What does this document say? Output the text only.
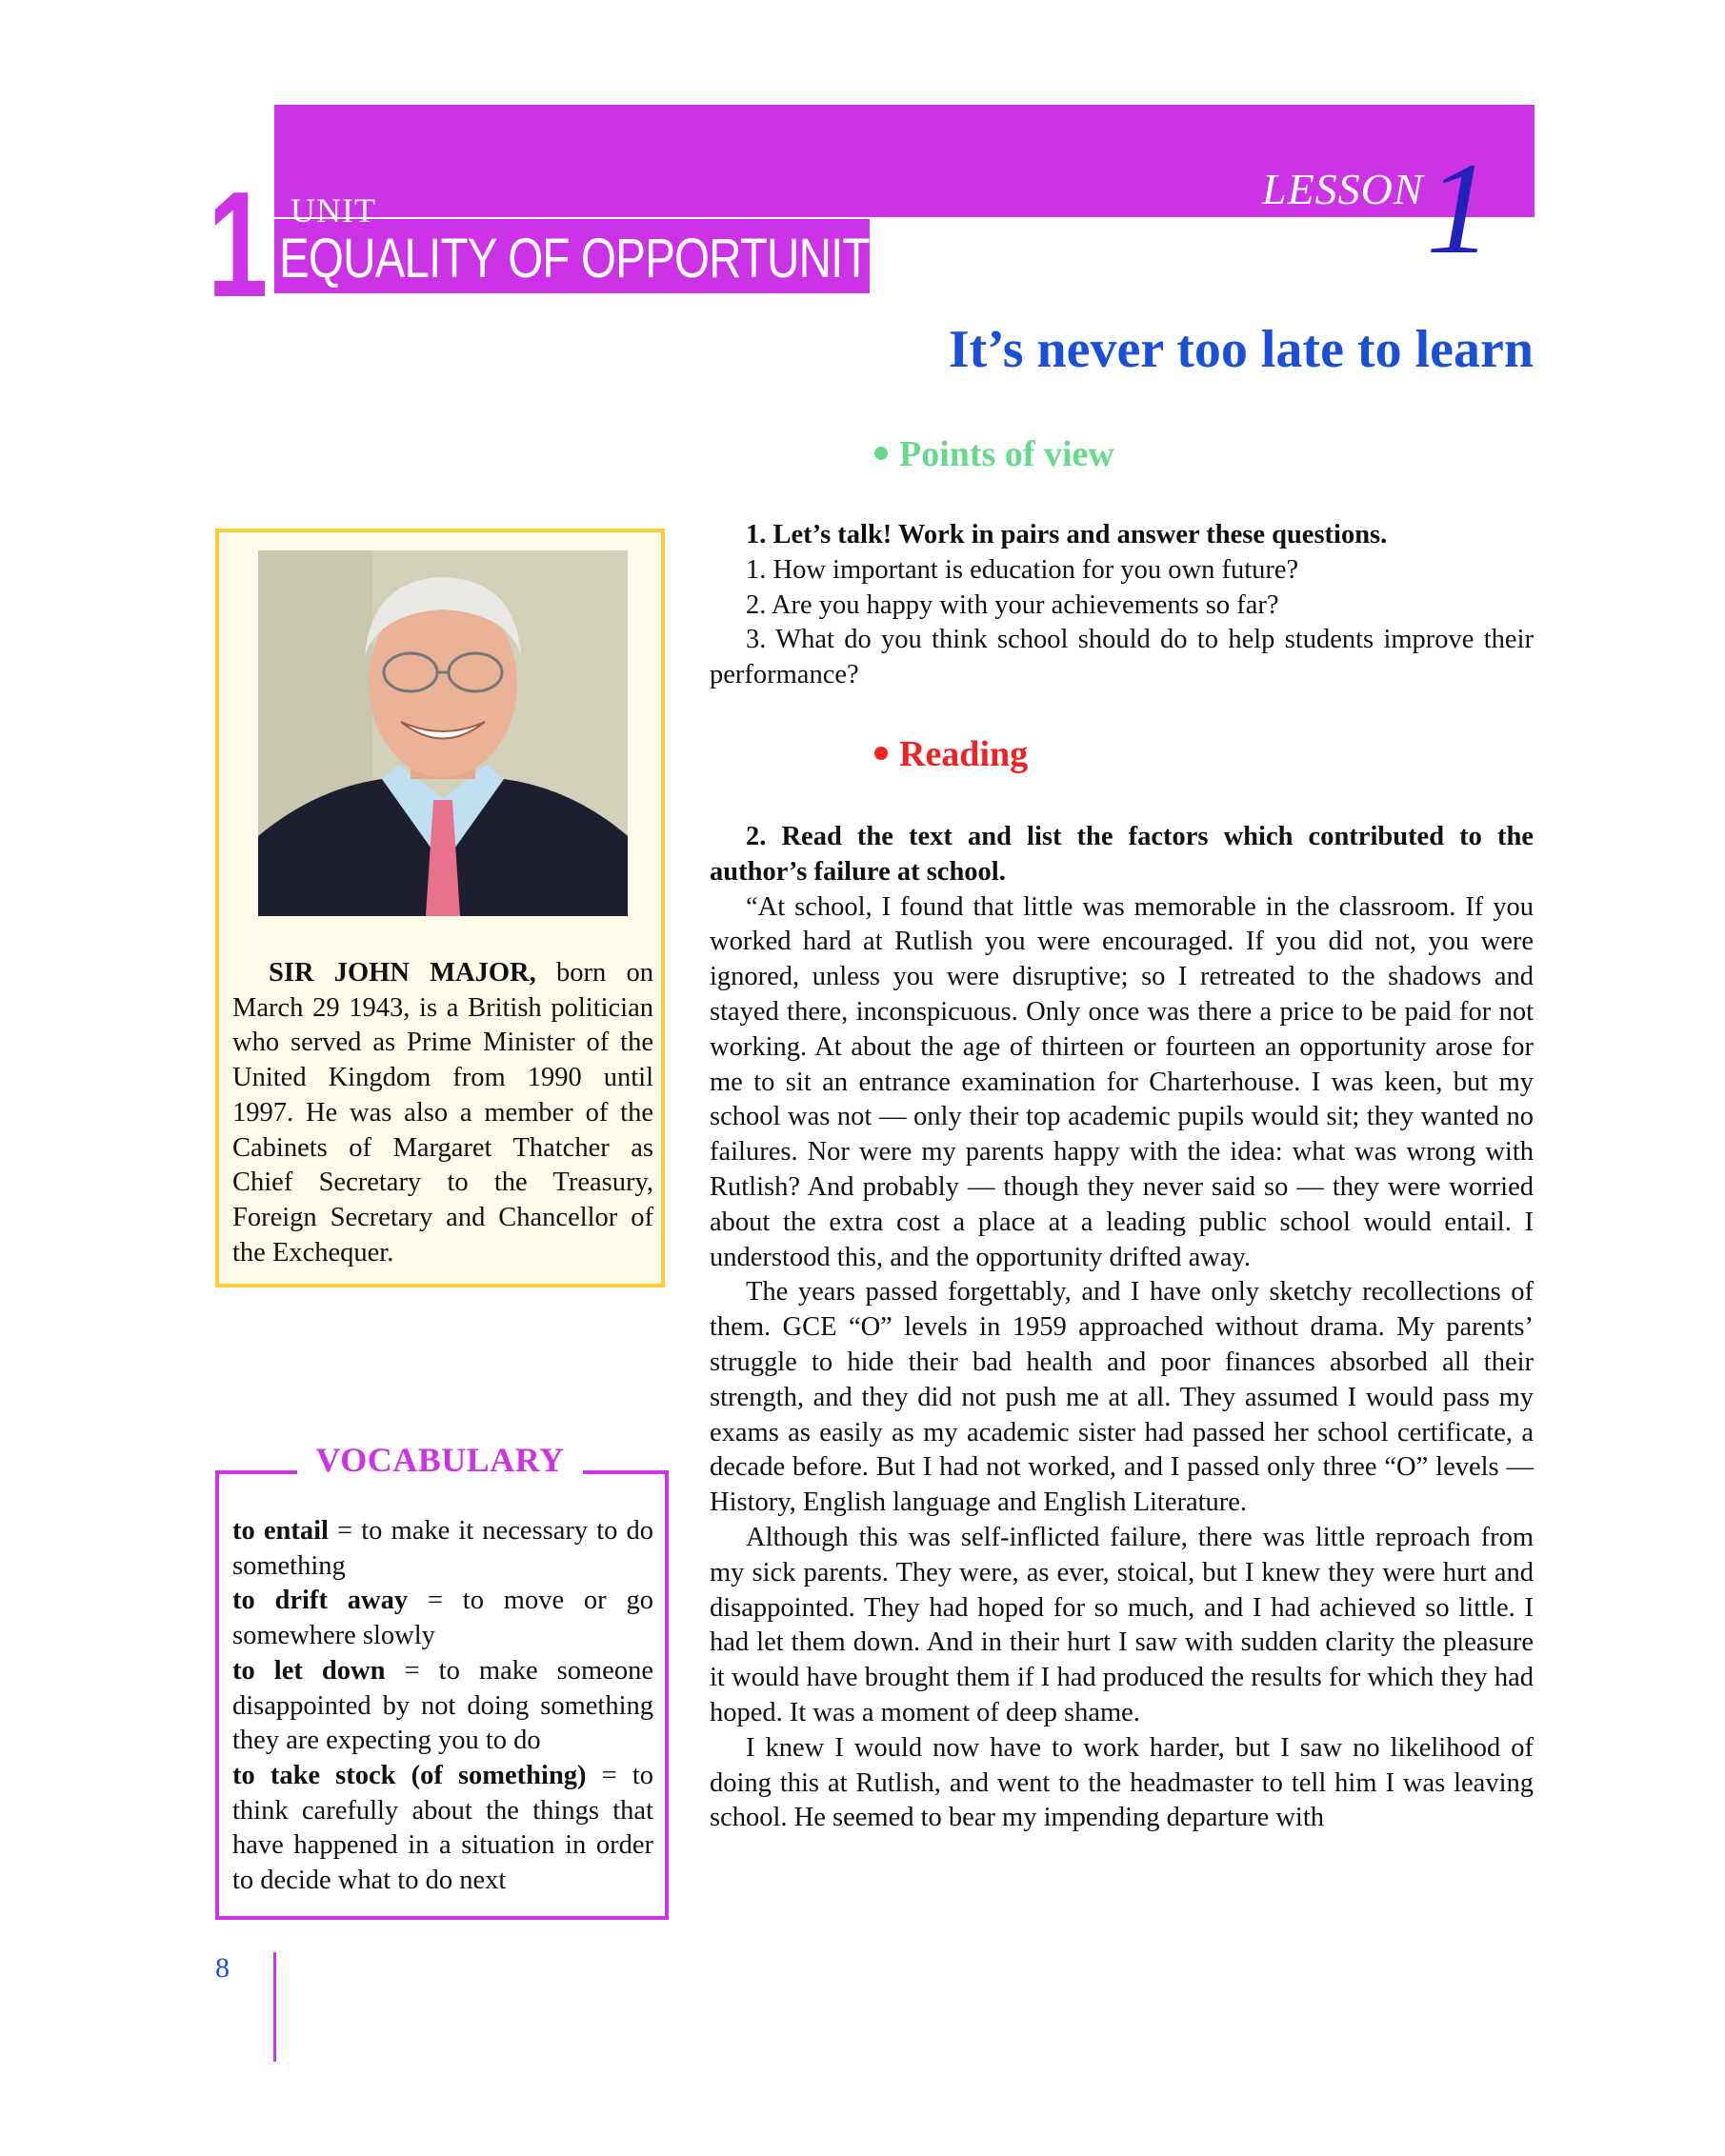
1 UNIT
EQUALITY OF OPPORTUNITIES
LESSON 1
It’s never too late to learn
Points of view

1. Let’s talk! Work in pairs and answer these questions.

1. How important is education for you own future?

2. Are you happy with your achievements so far?

3. What do you think school should do to help students improve their performance?

Reading

2. Read the text and list the factors which contributed to the author’s failure at school.

“At school, I found that little was memorable in the classroom. If you worked hard at Rutlish you were encouraged. If you did not, you were ignored, unless you were disruptive; so I retreated to the shadows and stayed there, inconspicuous. Only once was there a price to be paid for not working. At about the age of thirteen or fourteen an opportunity arose for me to sit an entrance examination for Charterhouse. I was keen, but my school was not — only their top academic pupils would sit; they wanted no failures. Nor were my parents happy with the idea: what was wrong with Rutlish? And probably — though they never said so — they were worried about the extra cost a place at a leading public school would entail. I understood this, and the opportunity drifted away.

The years passed forgettably, and I have only sketchy recollections of them. GCE “O” levels in 1959 approached without drama. My parents’ struggle to hide their bad health and poor finances absorbed all their strength, and they did not push me at all. They assumed I would pass my exams as easily as my academic sister had passed her school certificate, a decade before. But I had not worked, and I passed only three “O” levels — History, English language and English Literature.

Although this was self-inflicted failure, there was little reproach from my sick parents. They were, as ever, stoical, but I knew they were hurt and disappointed. They had hoped for so much, and I had achieved so little. I had let them down. And in their hurt I saw with sudden clarity the pleasure it would have brought them if I had produced the results for which they had hoped. It was a moment of deep shame.

I knew I would now have to work harder, but I saw no likelihood of doing this at Rutlish, and went to the headmaster to tell him I was leaving school. He seemed to bear my impending departure with

SIR JOHN MAJOR, born on March 29 1943, is a British politician who served as Prime Minister of the United Kingdom from 1990 until 1997. He was also a member of the Cabinets of Margaret Thatcher as Chief Secretary to the Treasury, Foreign Secretary and Chancellor of the Exchequer.

VOCABULARY

to entail = to make it necessary to do something

to drift away = to move or go somewhere slowly

to let down = to make someone disappointed by not doing something they are expecting you to do

to take stock (of something) = to think carefully about the things that have happened in a situation in order to decide what to do next

8
